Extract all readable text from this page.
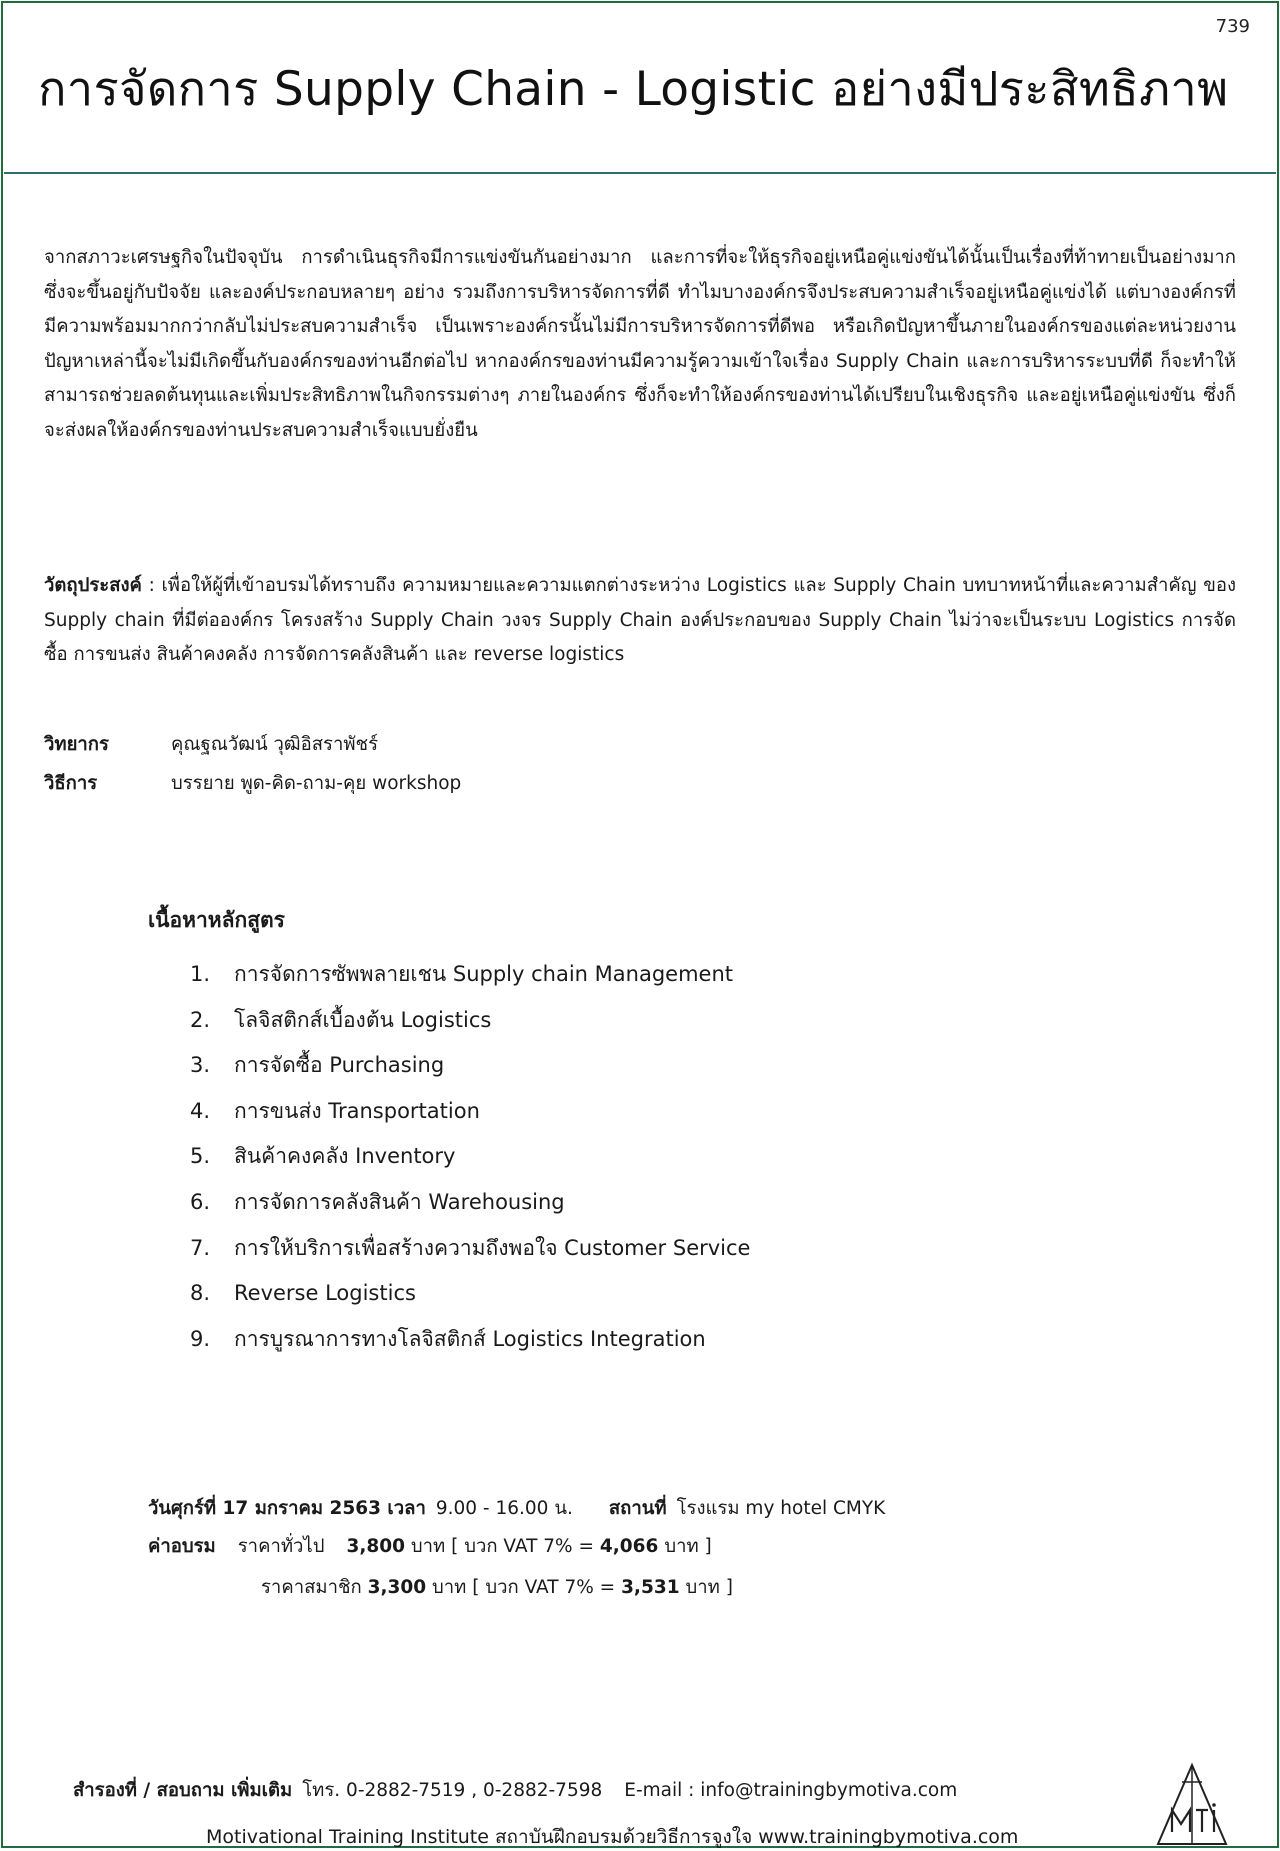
739
การจัดการ Supply Chain - Logistic อย่างมีประสิทธิภาพ

จากสภาวะเศรษฐกิจในปัจจุบัน การดำเนินธุรกิจมีการแข่งขันกันอย่างมาก และการที่จะให้ธุรกิจอยู่เหนือคู่แข่งขันได้นั้นเป็นเรื่องที่ท้าทายเป็นอย่างมาก ซึ่งจะขึ้นอยู่กับปัจจัย และองค์ประกอบหลายๆ อย่าง รวมถึงการบริหารจัดการที่ดี ทำไมบางองค์กรจึงประสบความสำเร็จอยู่เหนือคู่แข่งได้ แต่บางองค์กรที่มีความพร้อมมากกว่ากลับไม่ประสบความสำเร็จ เป็นเพราะองค์กรนั้นไม่มีการบริหารจัดการที่ดีพอ หรือเกิดปัญหาขึ้นภายในองค์กรของแต่ละหน่วยงาน ปัญหาเหล่านี้จะไม่มีเกิดขึ้นกับองค์กรของท่านอีกต่อไป หากองค์กรของท่านมีความรู้ความเข้าใจเรื่อง Supply Chain และการบริหารระบบที่ดี ก็จะทำให้สามารถช่วยลดต้นทุนและเพิ่มประสิทธิภาพในกิจกรรมต่างๆ ภายในองค์กร ซึ่งก็จะทำให้องค์กรของท่านได้เปรียบในเชิงธุรกิจ และอยู่เหนือคู่แข่งขัน ซึ่งก็จะส่งผลให้องค์กรของท่านประสบความสำเร็จแบบยั่งยืน

วัตถุประสงค์ : เพื่อให้ผู้ที่เข้าอบรมได้ทราบถึง ความหมายและความแตกต่างระหว่าง Logistics และ Supply Chain บทบาทหน้าที่และความสำคัญ ของ Supply chain ที่มีต่อองค์กร โครงสร้าง Supply Chain วงจร Supply Chain องค์ประกอบของ Supply Chain ไม่ว่าจะเป็นระบบ Logistics การจัดซื้อ การขนส่ง สินค้าคงคลัง การจัดการคลังสินค้า และ reverse logistics

วิทยากร	คุณฐณวัฒน์ วุฒิอิสราพัชร์
วิธีการ	บรรยาย พูด-คิด-ถาม-คุย workshop
เนื้อหาหลักสูตร
1. การจัดการซัพพลายเชน Supply chain Management
2. โลจิสติกส์เบื้องต้น Logistics
3. การจัดซื้อ Purchasing
4. การขนส่ง Transportation
5. สินค้าคงคลัง Inventory
6. การจัดการคลังสินค้า Warehousing
7. การให้บริการเพื่อสร้างความถึงพอใจ Customer Service
8. Reverse Logistics
9. การบูรณาการทางโลจิสติกส์ Logistics Integration
วันศุกร์ที่ 17 มกราคม 2563 เวลา 9.00 - 16.00 น. สถานที่ โรงแรม my hotel CMYK
ค่าอบรม ราคาทั่วไป 3,800 บาท [ บวก VAT 7% = 4,066 บาท ]
ราคาสมาชิก 3,300 บาท [ บวก VAT 7% = 3,531 บาท ]
สำรองที่ / สอบถาม เพิ่มเติม โทร. 0-2882-7519 , 0-2882-7598 E-mail : info@trainingbymotiva.com
Motivational Training Institute สถาบันฝึกอบรมด้วยวิธีการจูงใจ www.trainingbymotiva.com
